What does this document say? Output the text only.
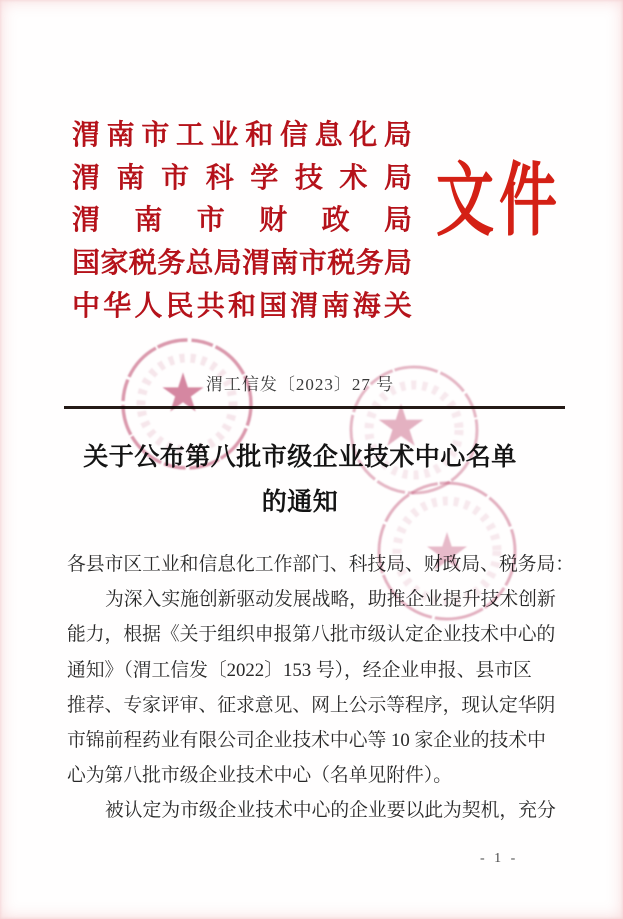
渭 南 市 工 业 和 信 息 化 局
渭 南 市 科 学 技 术 局
渭 南 市 财 政 局
国 家 税 务 总 局 渭 南 市 税 务 局
中 华 人 民 共 和 国 渭 南 海 关
文件
渭工信发〔2023〕27 号
关于公布第八批市级企业技术中心名单
的通知
各县市区工业和信息化工作部门、科技局、财政局、税务局：
为深入实施创新驱动发展战略，助推企业提升技术创新
能力，根据《关于组织申报第八批市级认定企业技术中心的
通知》（渭工信发〔2022〕153 号），经企业申报、县市区
推荐、专家评审、征求意见、网上公示等程序，现认定华阴
市锦前程药业有限公司企业技术中心等 10 家企业的技术中
心为第八批市级企业技术中心（名单见附件）。
被认定为市级企业技术中心的企业要以此为契机，充分
- 1 -
